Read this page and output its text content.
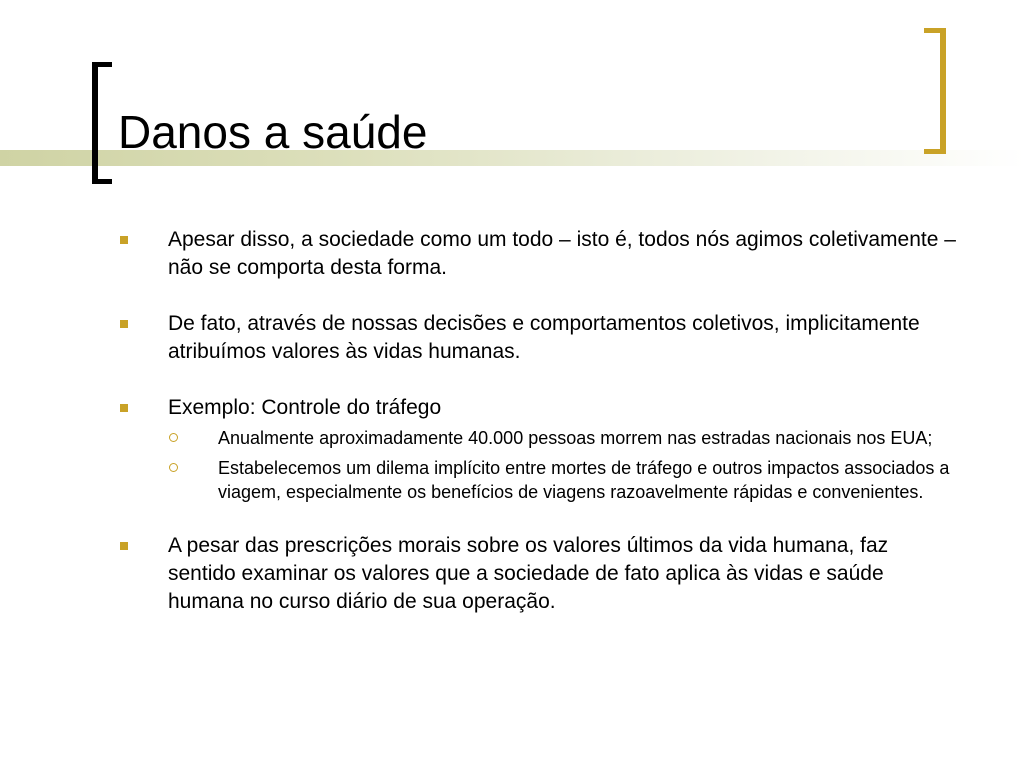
Danos a saúde
Apesar disso, a sociedade como um todo – isto é, todos nós agimos coletivamente – não se comporta desta forma.
De fato, através de nossas decisões e comportamentos coletivos, implicitamente atribuímos valores às vidas humanas.
Exemplo: Controle do tráfego
Anualmente aproximadamente 40.000 pessoas morrem nas estradas nacionais nos EUA;
Estabelecemos um dilema implícito entre mortes de tráfego e outros impactos associados a viagem, especialmente os benefícios de viagens razoavelmente rápidas e convenientes.
A pesar das prescrições morais sobre os valores últimos da vida humana, faz sentido examinar os valores que a sociedade de fato aplica às vidas e saúde humana no curso diário de sua operação.
